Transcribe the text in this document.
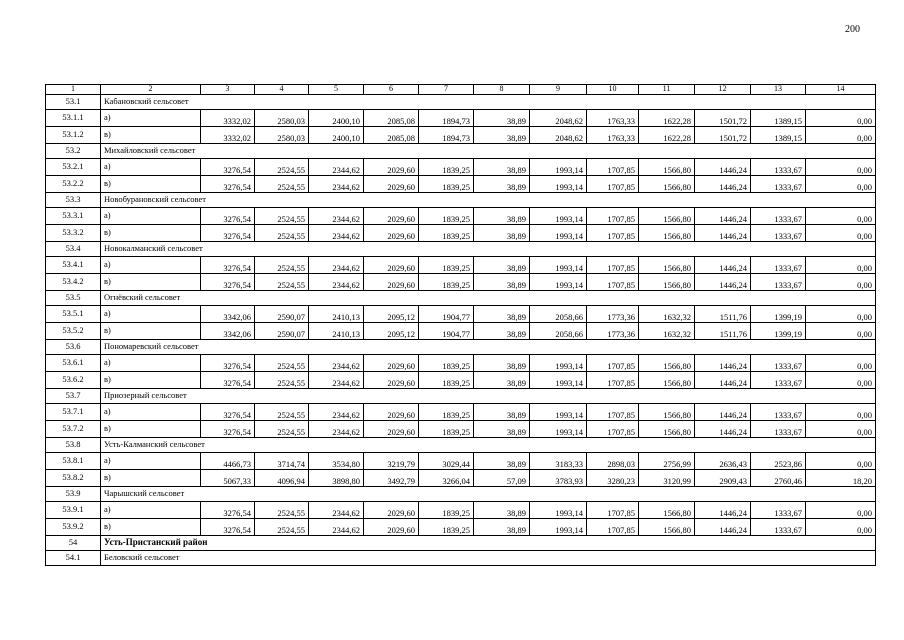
200
1	2	3	4	5	6	7	8	9	10	11	12	13	14
53.1	Кабановский сельсовет												
53.1.1	а)	3332,02	2580,03	2400,10	2085,08	1894,73	38,89	2048,62	1763,33	1622,28	1501,72	1389,15	0,00
53.1.2	в)	3332,02	2580,03	2400,10	2085,08	1894,73	38,89	2048,62	1763,33	1622,28	1501,72	1389,15	0,00
53.2	Михайловский сельсовет												
53.2.1	а)	3276,54	2524,55	2344,62	2029,60	1839,25	38,89	1993,14	1707,85	1566,80	1446,24	1333,67	0,00
53.2.2	в)	3276,54	2524,55	2344,62	2029,60	1839,25	38,89	1993,14	1707,85	1566,80	1446,24	1333,67	0,00
53.3	Новобурановский сельсовет												
53.3.1	а)	3276,54	2524,55	2344,62	2029,60	1839,25	38,89	1993,14	1707,85	1566,80	1446,24	1333,67	0,00
53.3.2	в)	3276,54	2524,55	2344,62	2029,60	1839,25	38,89	1993,14	1707,85	1566,80	1446,24	1333,67	0,00
53.4	Новокалманский сельсовет												
53.4.1	а)	3276,54	2524,55	2344,62	2029,60	1839,25	38,89	1993,14	1707,85	1566,80	1446,24	1333,67	0,00
53.4.2	в)	3276,54	2524,55	2344,62	2029,60	1839,25	38,89	1993,14	1707,85	1566,80	1446,24	1333,67	0,00
53.5	Огнёвский сельсовет												
53.5.1	а)	3342,06	2590,07	2410,13	2095,12	1904,77	38,89	2058,66	1773,36	1632,32	1511,76	1399,19	0,00
53.5.2	в)	3342,06	2590,07	2410,13	2095,12	1904,77	38,89	2058,66	1773,36	1632,32	1511,76	1399,19	0,00
53.6	Пономаревский сельсовет												
53.6.1	а)	3276,54	2524,55	2344,62	2029,60	1839,25	38,89	1993,14	1707,85	1566,80	1446,24	1333,67	0,00
53.6.2	в)	3276,54	2524,55	2344,62	2029,60	1839,25	38,89	1993,14	1707,85	1566,80	1446,24	1333,67	0,00
53.7	Приозерный сельсовет												
53.7.1	а)	3276,54	2524,55	2344,62	2029,60	1839,25	38,89	1993,14	1707,85	1566,80	1446,24	1333,67	0,00
53.7.2	в)	3276,54	2524,55	2344,62	2029,60	1839,25	38,89	1993,14	1707,85	1566,80	1446,24	1333,67	0,00
53.8	Усть-Калманский сельсовет												
53.8.1	а)	4466,73	3714,74	3534,80	3219,79	3029,44	38,89	3183,33	2898,03	2756,99	2636,43	2523,86	0,00
53.8.2	в)	5067,33	4096,94	3898,80	3492,79	3266,04	57,09	3783,93	3280,23	3120,99	2909,43	2760,46	18,20
53.9	Чарышский сельсовет												
53.9.1	а)	3276,54	2524,55	2344,62	2029,60	1839,25	38,89	1993,14	1707,85	1566,80	1446,24	1333,67	0,00
53.9.2	в)	3276,54	2524,55	2344,62	2029,60	1839,25	38,89	1993,14	1707,85	1566,80	1446,24	1333,67	0,00
54	Усть-Пристанский район												
54.1	Беловский сельсовет												
